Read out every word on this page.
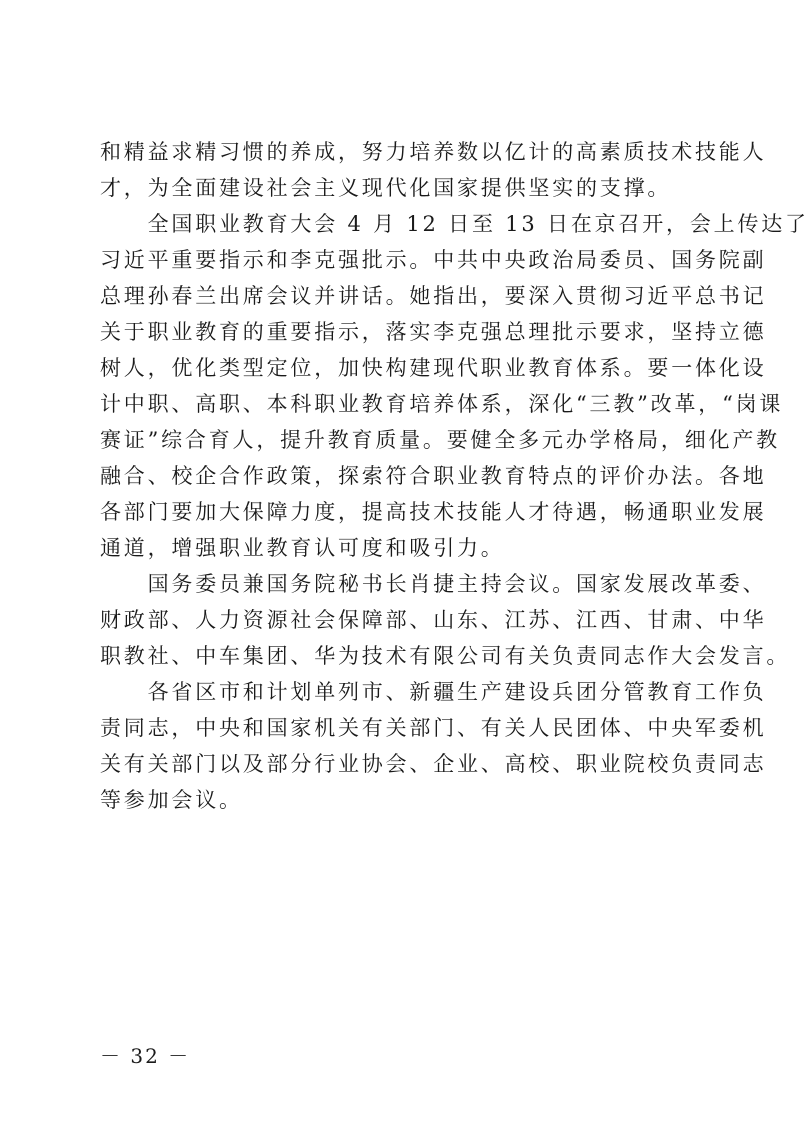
和精益求精习惯的养成，努力培养数以亿计的高素质技术技能人
才，为全面建设社会主义现代化国家提供坚实的支撑。
　　全国职业教育大会 4 月 12 日至 13 日在京召开，会上传达了
习近平重要指示和李克强批示。中共中央政治局委员、国务院副
总理孙春兰出席会议并讲话。她指出，要深入贯彻习近平总书记
关于职业教育的重要指示，落实李克强总理批示要求，坚持立德
树人，优化类型定位，加快构建现代职业教育体系。要一体化设
计中职、高职、本科职业教育培养体系，深化“三教”改革，“岗课
赛证”综合育人，提升教育质量。要健全多元办学格局，细化产教
融合、校企合作政策，探索符合职业教育特点的评价办法。各地
各部门要加大保障力度，提高技术技能人才待遇，畅通职业发展
通道，增强职业教育认可度和吸引力。
　　国务委员兼国务院秘书长肖捷主持会议。国家发展改革委、
财政部、人力资源社会保障部、山东、江苏、江西、甘肃、中华
职教社、中车集团、华为技术有限公司有关负责同志作大会发言。
　　各省区市和计划单列市、新疆生产建设兵团分管教育工作负
责同志，中央和国家机关有关部门、有关人民团体、中央军委机
关有关部门以及部分行业协会、企业、高校、职业院校负责同志
等参加会议。
－ 32 －
